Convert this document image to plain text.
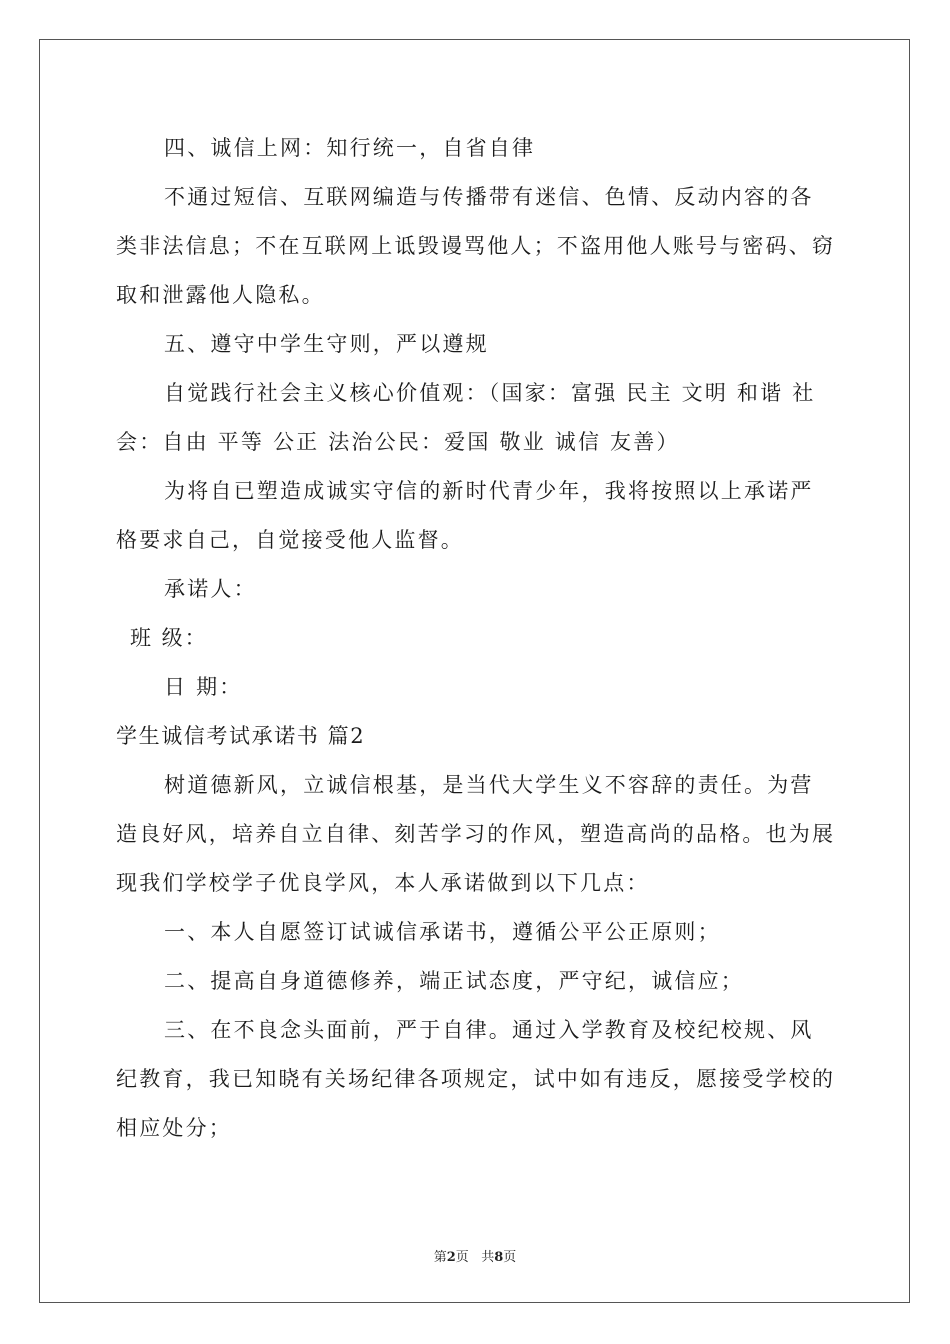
四、诚信上网：知行统一，自省自律

不通过短信、互联网编造与传播带有迷信、色情、反动内容的各类非法信息；不在互联网上诋毁谩骂他人；不盗用他人账号与密码、窃取和泄露他人隐私。

五、遵守中学生守则，严以遵规

自觉践行社会主义核心价值观：（国家：富强 民主 文明 和谐 社会：自由 平等 公正 法治公民：爱国 敬业 诚信 友善）

为将自已塑造成诚实守信的新时代青少年，我将按照以上承诺严格要求自己，自觉接受他人监督。

承诺人：

班 级：

日 期：

学生诚信考试承诺书 篇2

树道德新风，立诚信根基，是当代大学生义不容辞的责任。为营造良好风，培养自立自律、刻苦学习的作风，塑造高尚的品格。也为展现我们学校学子优良学风，本人承诺做到以下几点：

一、本人自愿签订试诚信承诺书，遵循公平公正原则；

二、提高自身道德修养，端正试态度，严守纪，诚信应；

三、在不良念头面前，严于自律。通过入学教育及校纪校规、风纪教育，我已知晓有关场纪律各项规定，试中如有违反，愿接受学校的相应处分；

第2页 共8页
